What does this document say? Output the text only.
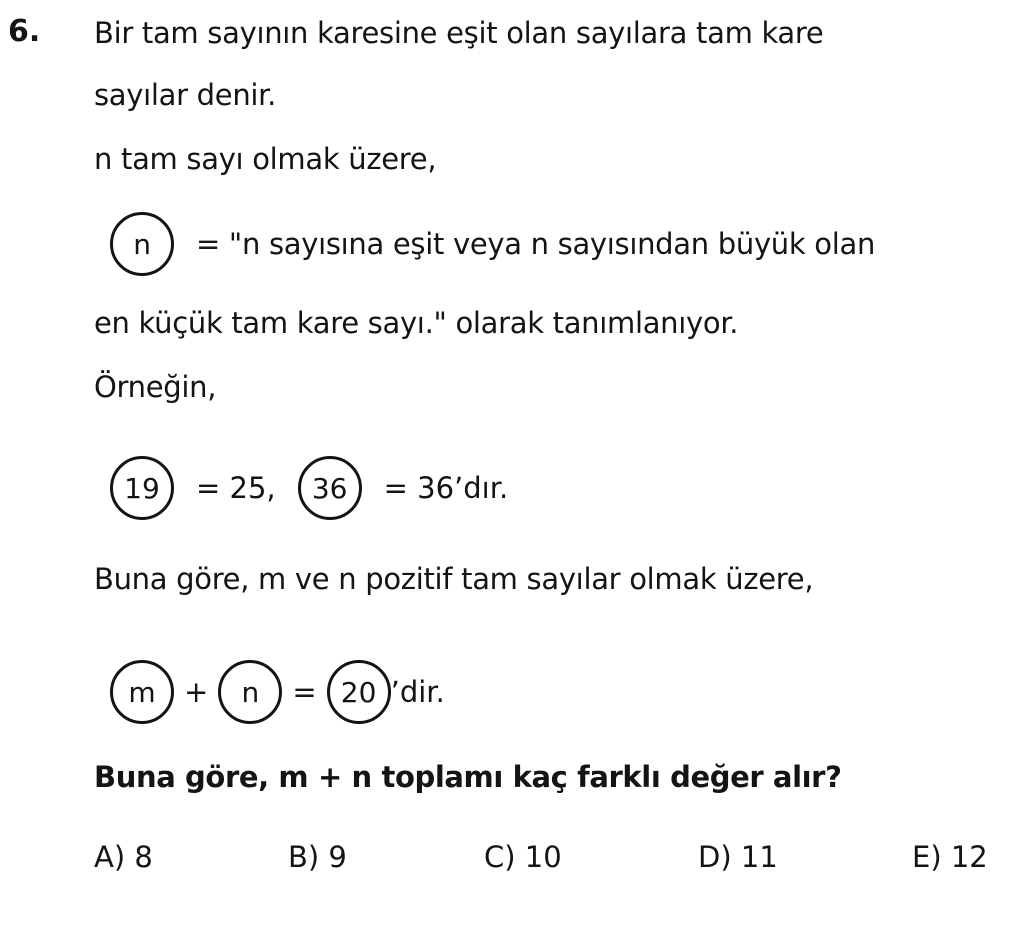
6. Bir tam sayının karesine eşit olan sayılara tam kare
sayılar denir.
n tam sayı olmak üzere,
n	= "n sayısına eşit veya n sayısından büyük olan
en küçük tam kare sayı." olarak tanımlanıyor.
Örneğin,
19	= 25,	36	= 36’dır.
Buna göre, m ve n pozitif tam sayılar olmak üzere,
m +	n	= 20 ’dir.
Buna göre, m + n toplamı kaç farklı değer alır?
A) 8	B) 9	C) 10	D) 11	E) 12
